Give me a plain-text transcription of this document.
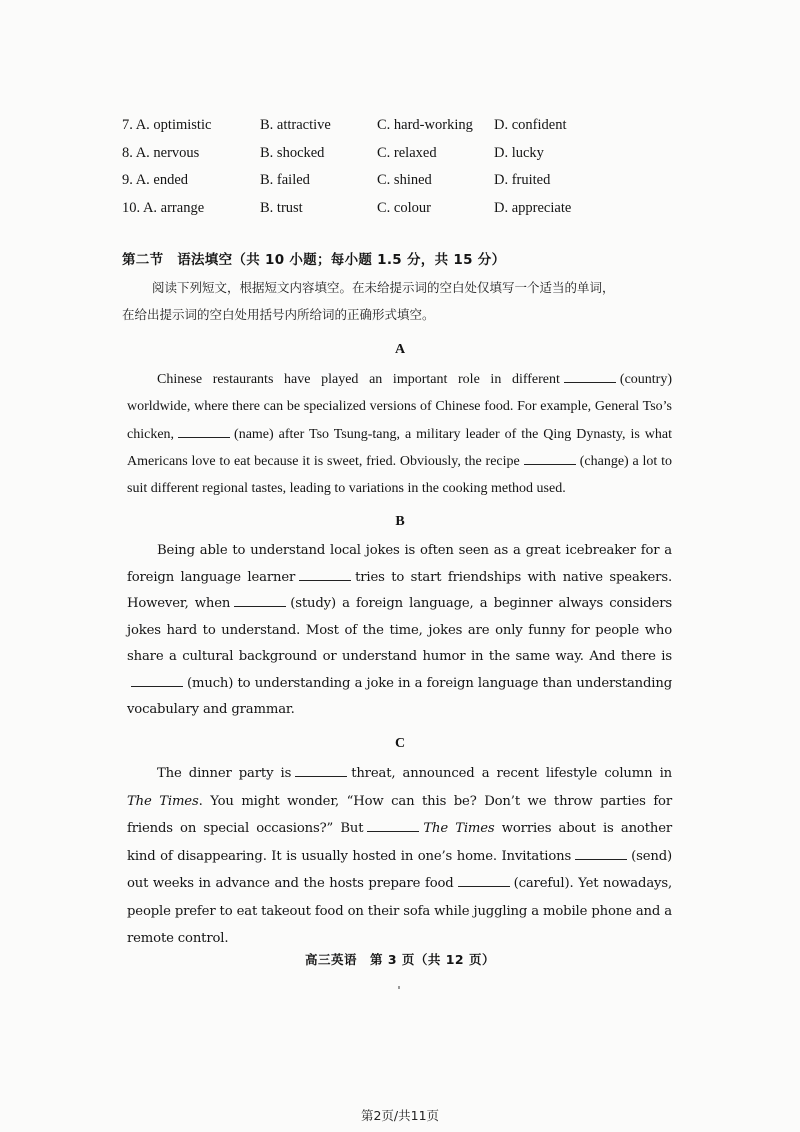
7. A. optimistic	B. attractive	C. hard-working D. confident
8. A. nervous	B. shocked	C. relaxed	D. lucky
9. A. ended	B. failed	C. shined	D. fruited
10. A. arrange	B. trust	C. colour	D. appreciate
第二节　语法填空（共 10 小题；每小题 1.5 分，共 15 分）

阅读下列短文，根据短文内容填空。在未给提示词的空白处仅填写一个适当的单词，

在给出提示词的空白处用括号内所给词的正确形式填空。

A

Chinese restaurants have played an important role in different	(country) worldwide, where there can be specialized versions of Chinese food. For example, General Tso’s chicken,	(name) after Tso Tsung-tang, a military leader of the Qing Dynasty, is what Americans love to eat because it is sweet, fried. Obviously, the recipe	(change) a lot to suit different regional tastes, leading to variations in the cooking method used.

B

Being able to understand local jokes is often seen as a great icebreaker for a foreign language learner	tries to start friendships with native speakers. However, when	(study) a foreign language, a beginner always considers jokes hard to understand. Most of the time, jokes are only funny for people who share a cultural background or understand humor in the same way. And there is(much) to understanding a joke in a foreign language than understanding vocabulary and grammar.

C

The dinner party is	threat, announced a recent lifestyle column in The Times. You might wonder, “How can this be? Don’t we throw parties for friends on special occasions?” But	The Times worries about is another kind of disappearing. It is usually hosted in one’s home. Invitations	(send) out weeks in advance and the hosts prepare food	(careful). Yet nowadays, people prefer to eat takeout food on their sofa while juggling a mobile phone and a remote control.

高三英语　第 3 页（共 12 页）
第2页/共11页
